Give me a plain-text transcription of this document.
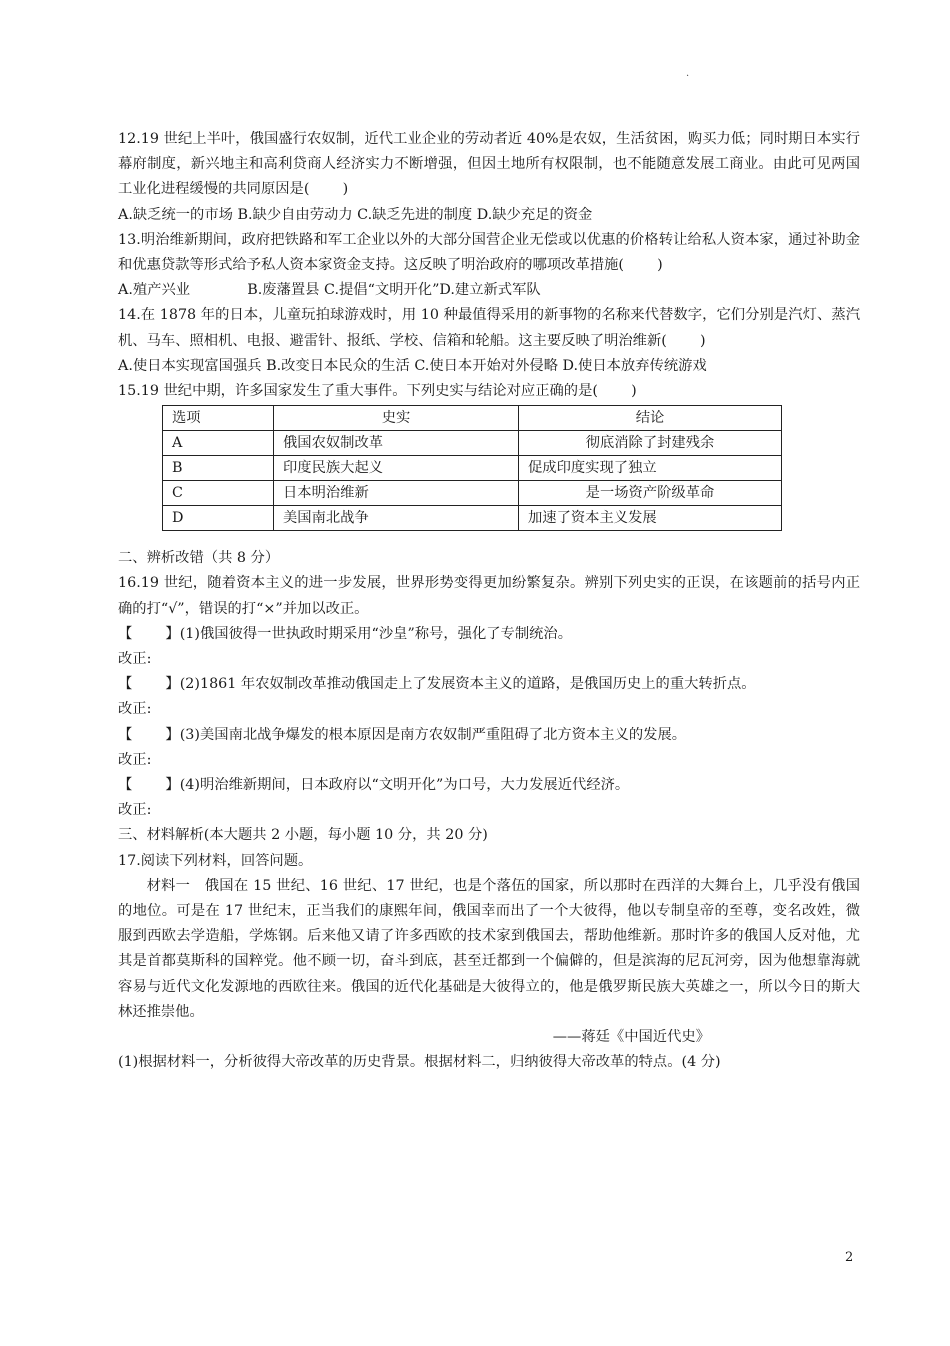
·

12.19 世纪上半叶，俄国盛行农奴制，近代工业企业的劳动者近 40%是农奴，生活贫困，购买力低；同时期日本实行幕府制度，新兴地主和高利贷商人经济实力不断增强，但因土地所有权限制，也不能随意发展工商业。由此可见两国工业化进程缓慢的共同原因是(　　 )

A.缺乏统一的市场 B.缺少自由劳动力 C.缺乏先进的制度 D.缺少充足的资金

13.明治维新期间，政府把铁路和军工企业以外的大部分国营企业无偿或以优惠的价格转让给私人资本家，通过补助金和优惠贷款等形式给予私人资本家资金支持。这反映了明治政府的哪项改革措施(　　 )

A.殖产兴业　　　　B.废藩置县 C.提倡“文明开化”D.建立新式军队

14.在 1878 年的日本，儿童玩拍球游戏时，用 10 种最值得采用的新事物的名称来代替数字，它们分别是汽灯、蒸汽机、马车、照相机、电报、避雷针、报纸、学校、信箱和轮船。这主要反映了明治维新(　　 )

A.使日本实现富国强兵 B.改变日本民众的生活 C.使日本开始对外侵略 D.使日本放弃传统游戏

15.19 世纪中期，许多国家发生了重大事件。下列史实与结论对应正确的是(　　 )

选项	史实	结论
A	俄国农奴制改革	彻底消除了封建残余
B	印度民族大起义	促成印度实现了独立
C	日本明治维新	是一场资产阶级革命
D	美国南北战争	加速了资本主义发展

二、辨析改错（共 8 分）

16.19 世纪，随着资本主义的进一步发展，世界形势变得更加纷繁复杂。辨别下列史实的正误，在该题前的括号内正确的打“√”，错误的打“×”并加以改正。

【　　 】(1)俄国彼得一世执政时期采用“沙皇”称号，强化了专制统治。

改正:

【　　 】(2)1861 年农奴制改革推动俄国走上了发展资本主义的道路，是俄国历史上的重大转折点。

改正:

【　　 】(3)美国南北战争爆发的根本原因是南方农奴制严重阻碍了北方资本主义的发展。

改正:

【　　 】(4)明治维新期间，日本政府以“文明开化”为口号，大力发展近代经济。

改正:

三、材料解析(本大题共 2 小题，每小题 10 分，共 20 分)

17.阅读下列材料，回答问题。

材料一　俄国在 15 世纪、16 世纪、17 世纪，也是个落伍的国家，所以那时在西洋的大舞台上，几乎没有俄国的地位。可是在 17 世纪末，正当我们的康熙年间，俄国幸而出了一个大彼得，他以专制皇帝的至尊，变名改姓，微服到西欧去学造船，学炼钢。后来他又请了许多西欧的技术家到俄国去，帮助他维新。那时许多的俄国人反对他，尤其是首都莫斯科的国粹党。他不顾一切，奋斗到底，甚至迁都到一个偏僻的，但是滨海的尼瓦河旁，因为他想靠海就容易与近代文化发源地的西欧往来。俄国的近代化基础是大彼得立的，他是俄罗斯民族大英雄之一，所以今日的斯大林还推崇他。

——蒋廷《中国近代史》

(1)根据材料一，分析彼得大帝改革的历史背景。根据材料二，归纳彼得大帝改革的特点。(4 分)

2
